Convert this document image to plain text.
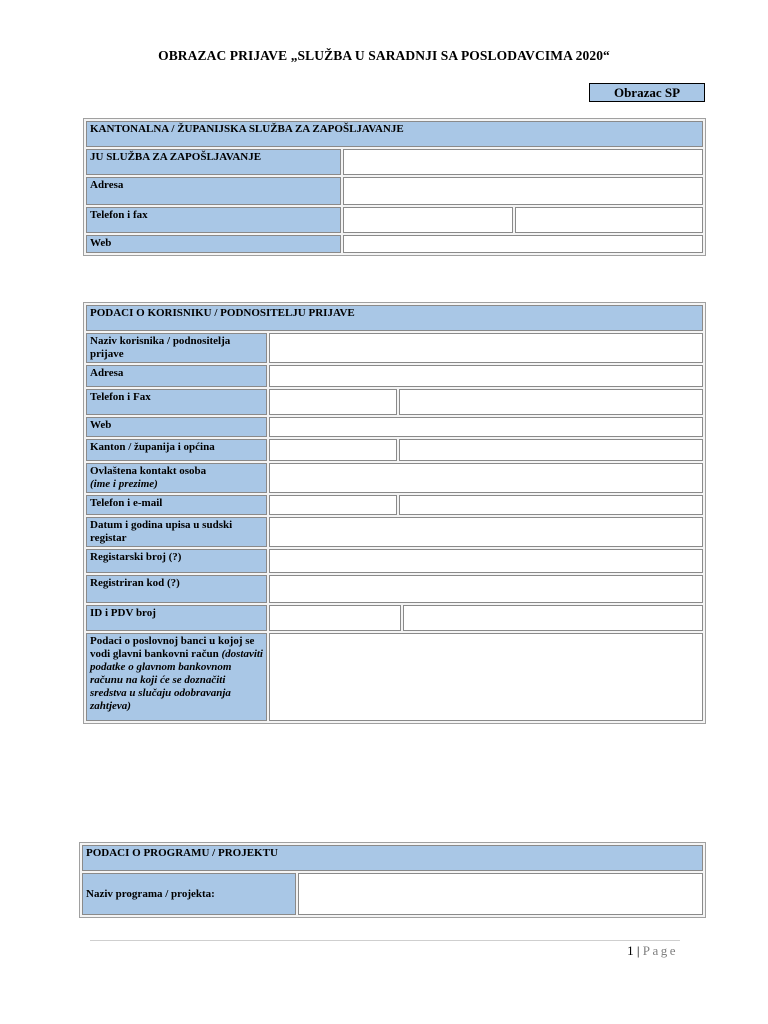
OBRAZAC PRIJAVE „SLUŽBA U SARADNJI SA POSLODAVCIMA 2020“
Obrazac SP
KANTONALNA / ŽUPANIJSKA SLUŽBA ZA ZAPOŠLJAVANJE		
JU SLUŽBA ZA ZAPOŠLJAVANJE		
Adresa		
Telefon i fax		
Web		
PODACI O KORISNIKU / PODNOSITELJU PRIJAVE			
Naziv korisnika / podnositelja prijave			
Adresa			
Telefon i Fax			
Web			
Kanton / županija i općina			
Ovlaštena kontakt osoba
(ime i prezime)			
Telefon i e-mail			
Datum i godina upisa u sudski registar			
Registarski broj (?)			
Registriran kod (?)			
ID i PDV broj			
Podaci o poslovnoj banci u kojoj se vodi glavni bankovni račun (dostaviti podatke o glavnom bankovnom računu na koji će se doznačiti sredstva u slučaju odobravanja zahtjeva)			
PODACI O PROGRAMU / PROJEKTU
Naziv programa / projekta:	
1 | Page
